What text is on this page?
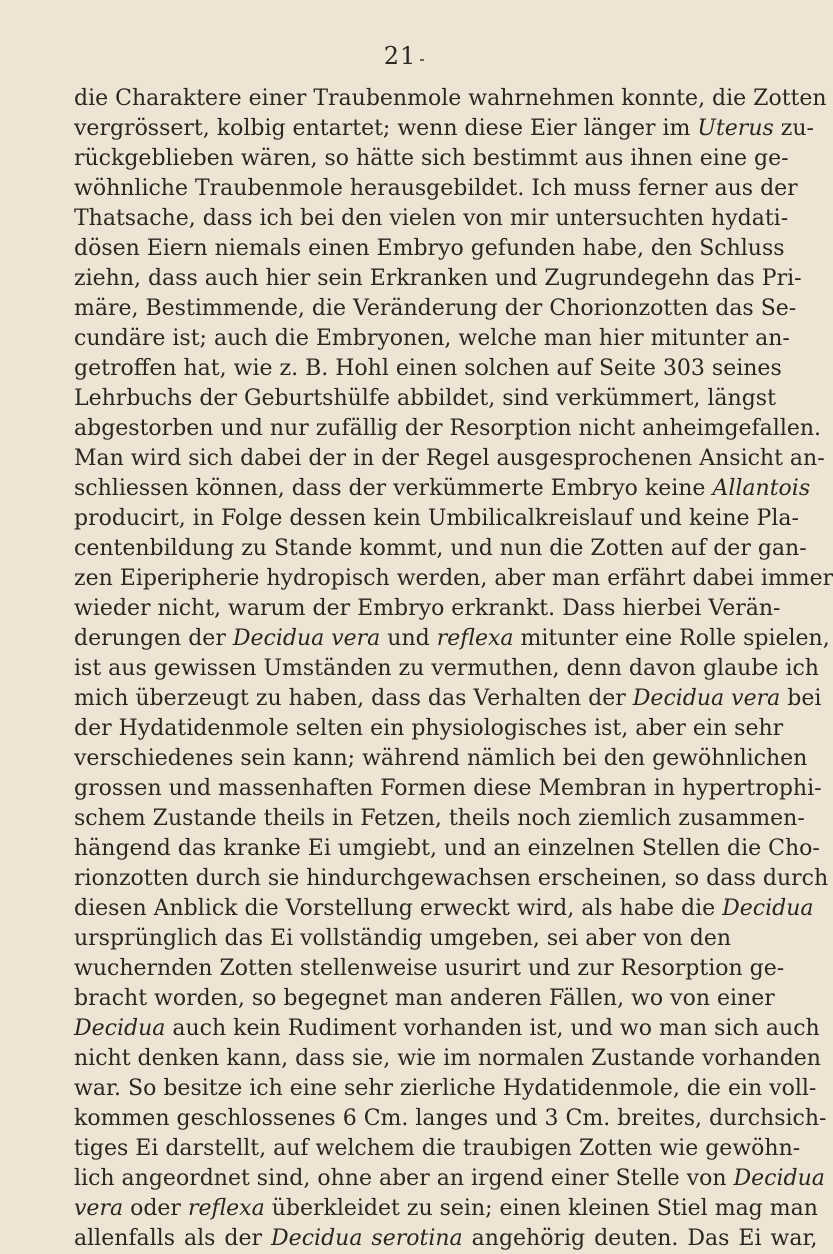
21
die Charaktere einer Traubenmole wahrnehmen konnte, die Zotten
vergrössert, kolbig entartet; wenn diese Eier länger im Uterus zu-
rückgeblieben wären, so hätte sich bestimmt aus ihnen eine ge-
wöhnliche Traubenmole herausgebildet. Ich muss ferner aus der
Thatsache, dass ich bei den vielen von mir untersuchten hydati-
dösen Eiern niemals einen Embryo gefunden habe, den Schluss
ziehn, dass auch hier sein Erkranken und Zugrundegehn das Pri-
märe, Bestimmende, die Veränderung der Chorionzotten das Se-
cundäre ist; auch die Embryonen, welche man hier mitunter an-
getroffen hat, wie z. B. Hohl einen solchen auf Seite 303 seines
Lehrbuchs der Geburtshülfe abbildet, sind verkümmert, längst
abgestorben und nur zufällig der Resorption nicht anheimgefallen.
Man wird sich dabei der in der Regel ausgesprochenen Ansicht an-
schliessen können, dass der verkümmerte Embryo keine Allantois
producirt, in Folge dessen kein Umbilicalkreislauf und keine Pla-
centenbildung zu Stande kommt, und nun die Zotten auf der gan-
zen Eiperipherie hydropisch werden, aber man erfährt dabei immer
wieder nicht, warum der Embryo erkrankt. Dass hierbei Verän-
derungen der Decidua vera und reflexa mitunter eine Rolle spielen,
ist aus gewissen Umständen zu vermuthen, denn davon glaube ich
mich überzeugt zu haben, dass das Verhalten der Decidua vera bei
der Hydatidenmole selten ein physiologisches ist, aber ein sehr
verschiedenes sein kann; während nämlich bei den gewöhnlichen
grossen und massenhaften Formen diese Membran in hypertrophi-
schem Zustande theils in Fetzen, theils noch ziemlich zusammen-
hängend das kranke Ei umgiebt, und an einzelnen Stellen die Cho-
rionzotten durch sie hindurchgewachsen erscheinen, so dass durch
diesen Anblick die Vorstellung erweckt wird, als habe die Decidua
ursprünglich das Ei vollständig umgeben, sei aber von den
wuchernden Zotten stellenweise usurirt und zur Resorption ge-
bracht worden, so begegnet man anderen Fällen, wo von einer
Decidua auch kein Rudiment vorhanden ist, und wo man sich auch
nicht denken kann, dass sie, wie im normalen Zustande vorhanden
war. So besitze ich eine sehr zierliche Hydatidenmole, die ein voll-
kommen geschlossenes 6 Cm. langes und 3 Cm. breites, durchsich-
tiges Ei darstellt, auf welchem die traubigen Zotten wie gewöhn-
lich angeordnet sind, ohne aber an irgend einer Stelle von Decidua
vera oder reflexa überkleidet zu sein; einen kleinen Stiel mag man
allenfalls als der Decidua serotina angehörig deuten. Das Ei war,
